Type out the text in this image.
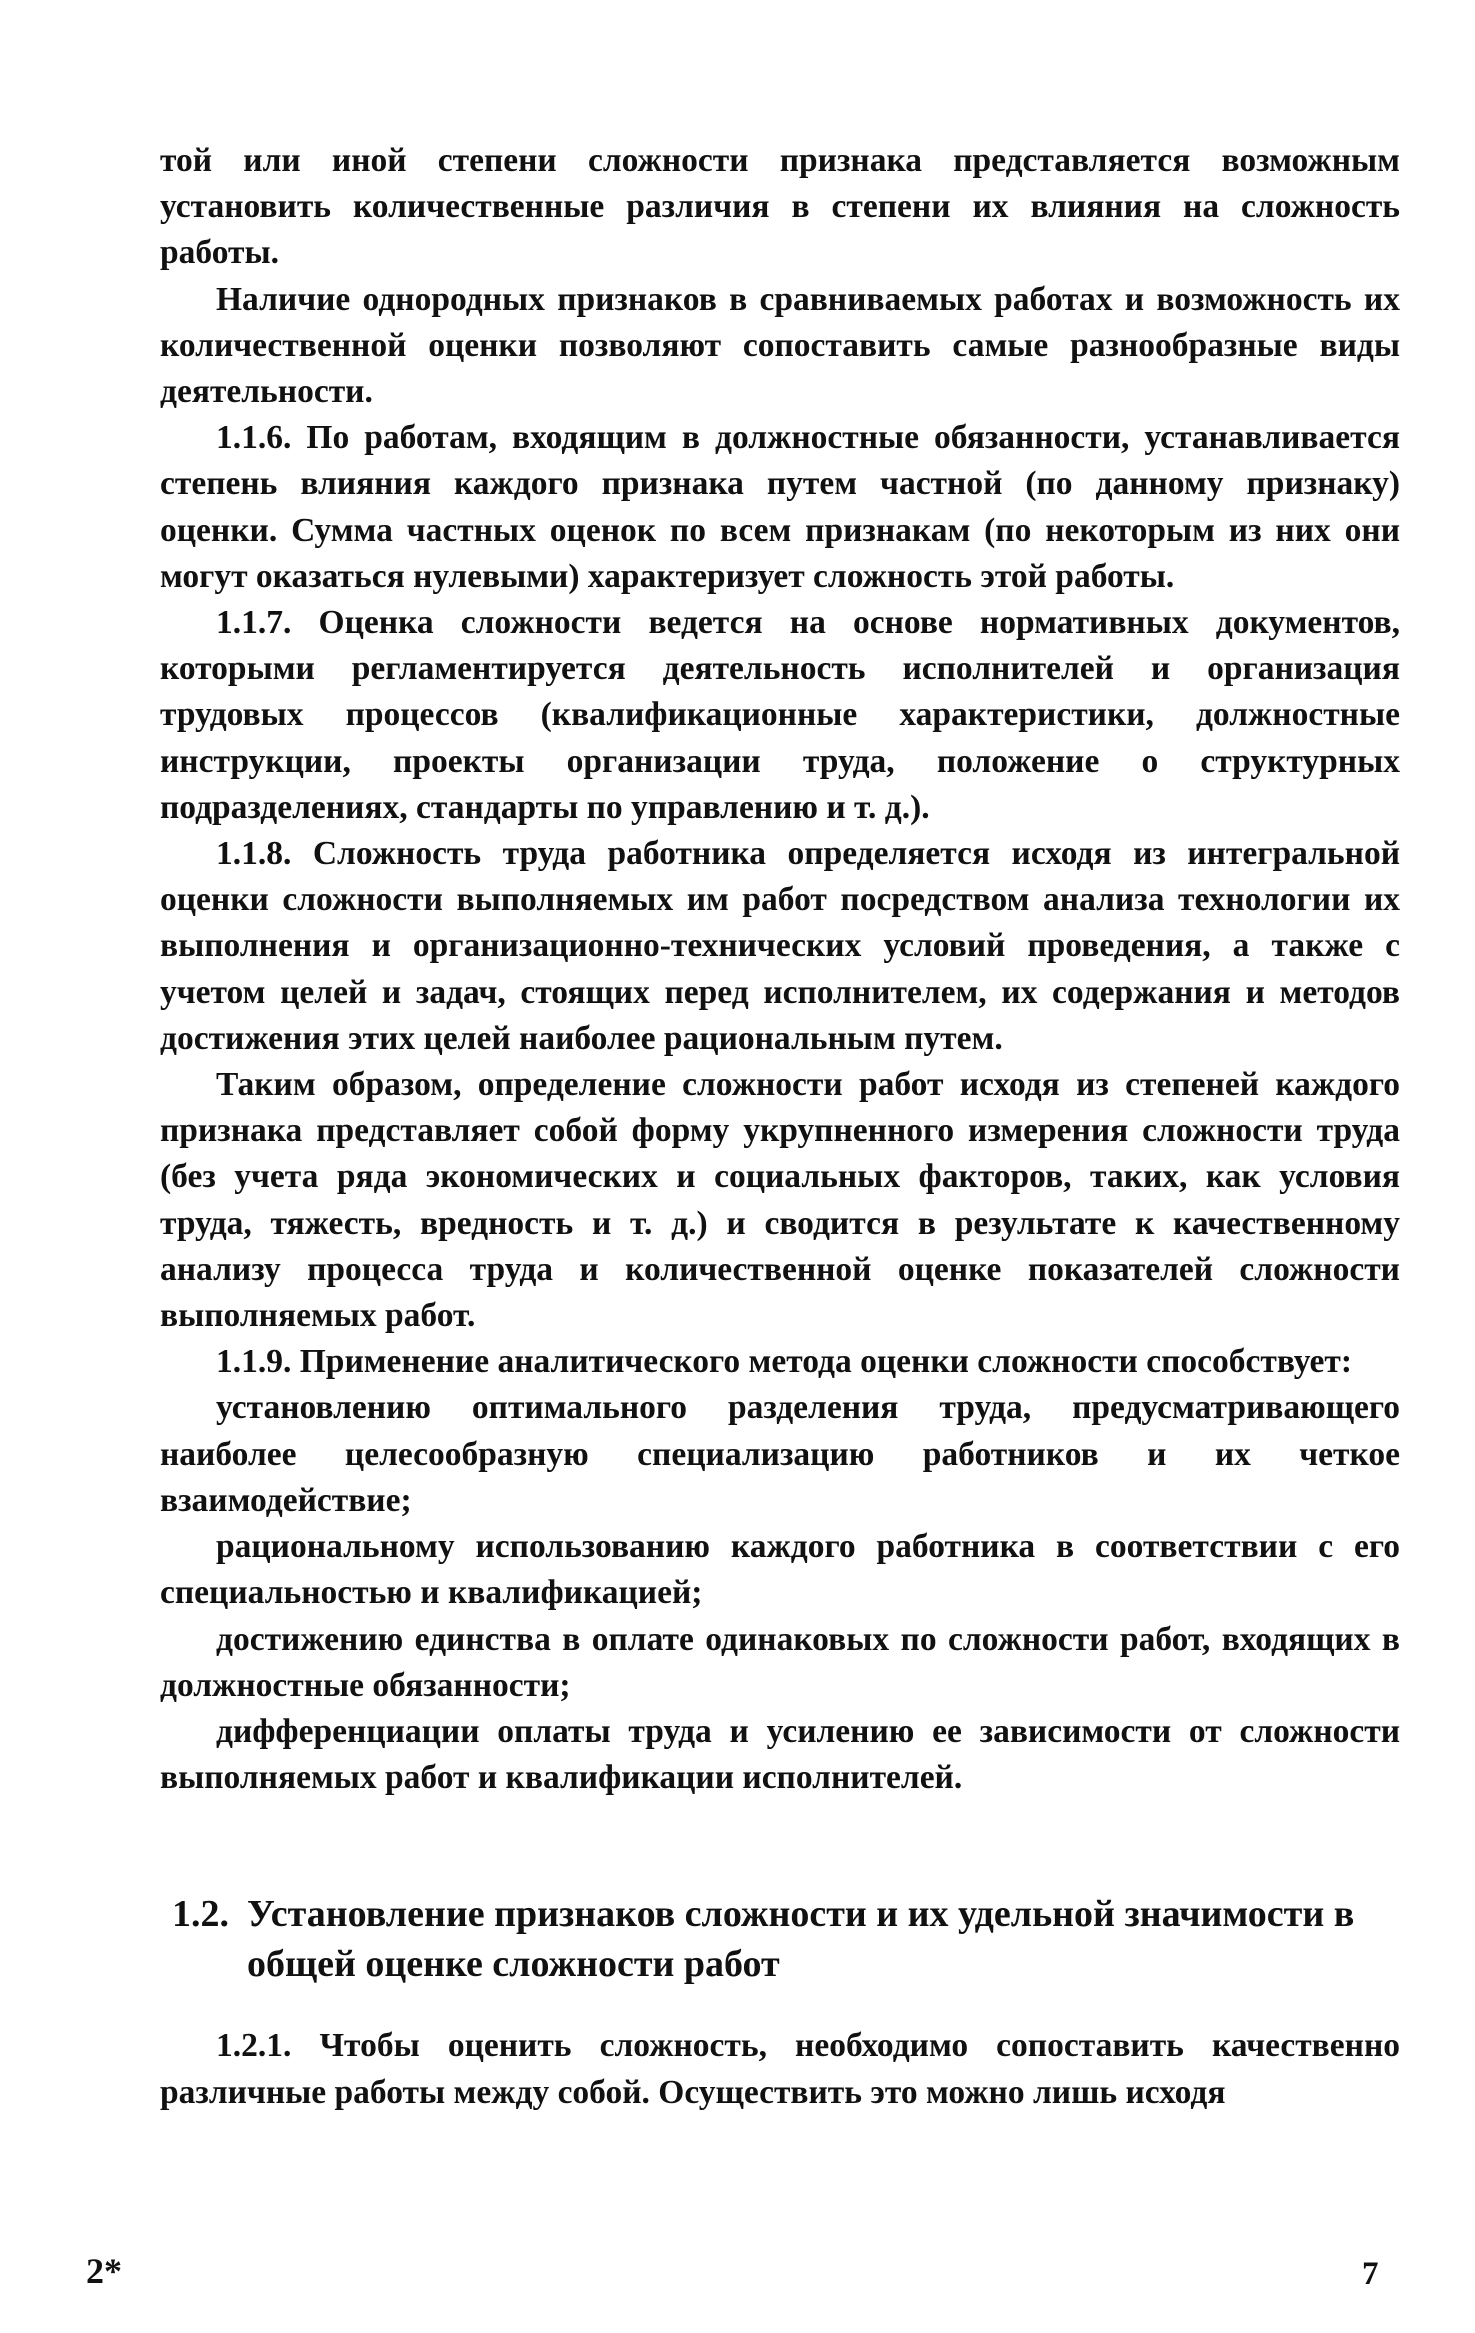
той или иной степени сложности признака представляется возможным установить количественные различия в степени их влияния на сложность работы.

Наличие однородных признаков в сравниваемых работах и возможность их количественной оценки позволяют сопоставить самые разнообразные виды деятельности.

1.1.6. По работам, входящим в должностные обязанности, устанавливается степень влияния каждого признака путем частной (по данному признаку) оценки. Сумма частных оценок по всем признакам (по некоторым из них они могут оказаться нулевыми) характеризует сложность этой работы.

1.1.7. Оценка сложности ведется на основе нормативных документов, которыми регламентируется деятельность исполнителей и организация трудовых процессов (квалификационные характеристики, должностные инструкции, проекты организации труда, положение о структурных подразделениях, стандарты по управлению и т. д.).

1.1.8. Сложность труда работника определяется исходя из интегральной оценки сложности выполняемых им работ посредством анализа технологии их выполнения и организационно-технических условий проведения, а также с учетом целей и задач, стоящих перед исполнителем, их содержания и методов достижения этих целей наиболее рациональным путем.

Таким образом, определение сложности работ исходя из степеней каждого признака представляет собой форму укрупненного измерения сложности труда (без учета ряда экономических и социальных факторов, таких, как условия труда, тяжесть, вредность и т. д.) и сводится в результате к качественному анализу процесса труда и количественной оценке показателей сложности выполняемых работ.

1.1.9. Применение аналитического метода оценки сложности способствует:

установлению оптимального разделения труда, предусматривающего наиболее целесообразную специализацию работников и их четкое взаимодействие;

рациональному использованию каждого работника в соответствии с его специальностью и квалификацией;

достижению единства в оплате одинаковых по сложности работ, входящих в должностные обязанности;

дифференциации оплаты труда и усилению ее зависимости от сложности выполняемых работ и квалификации исполнителей.

1.2. Установление признаков сложности и их удельной значимости в общей оценке сложности работ

1.2.1. Чтобы оценить сложность, необходимо сопоставить качественно различные работы между собой. Осуществить это можно лишь исходя

2*	7
